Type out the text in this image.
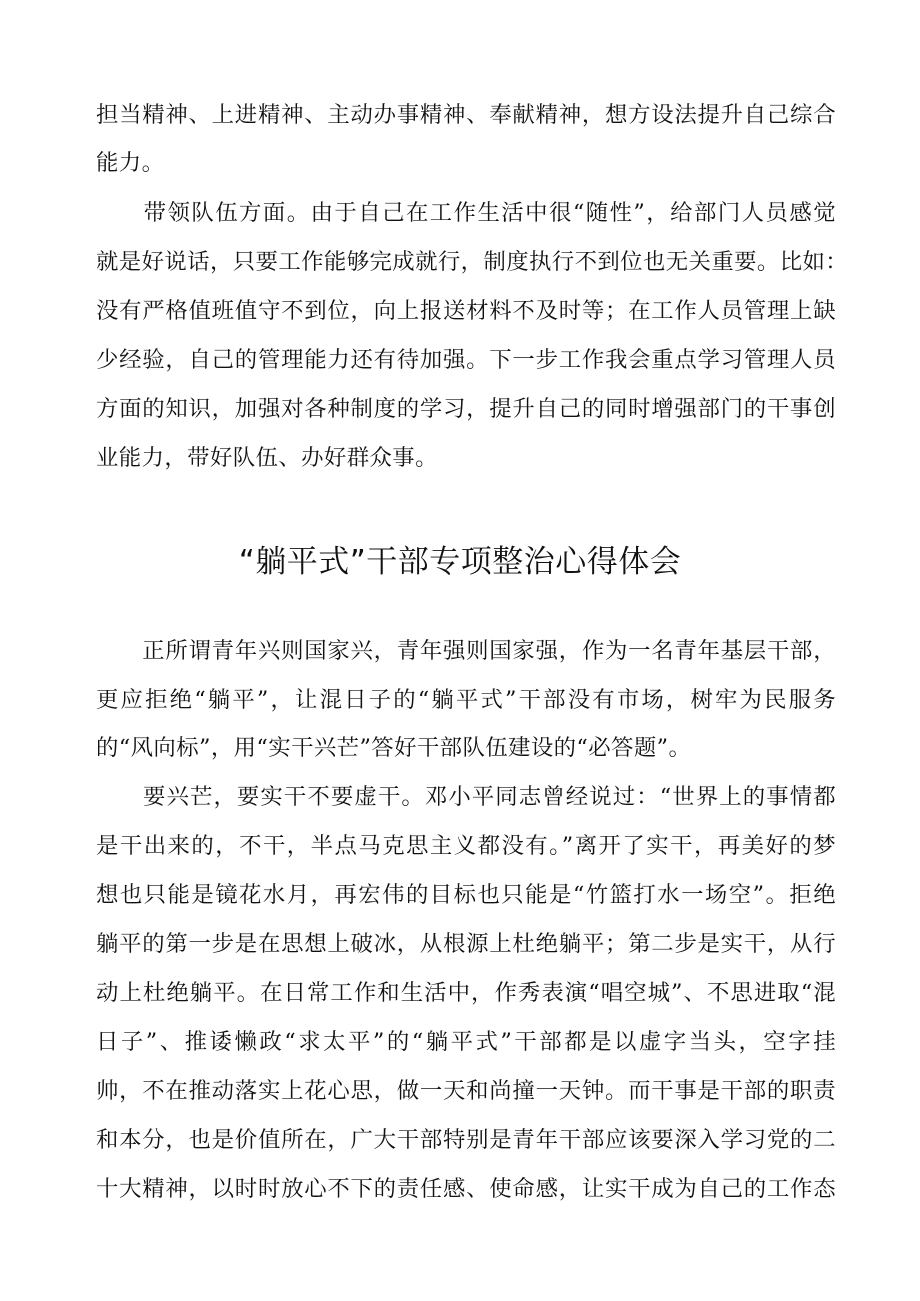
担当精神、上进精神、主动办事精神、奉献精神，想方设法提升自己综合
能力。
　　带领队伍方面。由于自己在工作生活中很“随性”，给部门人员感觉
就是好说话，只要工作能够完成就行，制度执行不到位也无关重要。比如：
没有严格值班值守不到位，向上报送材料不及时等；在工作人员管理上缺
少经验，自己的管理能力还有待加强。下一步工作我会重点学习管理人员
方面的知识，加强对各种制度的学习，提升自己的同时增强部门的干事创
业能力，带好队伍、办好群众事。
“躺平式”干部专项整治心得体会
　　正所谓青年兴则国家兴，青年强则国家强，作为一名青年基层干部，
更应拒绝“躺平”，让混日子的“躺平式”干部没有市场，树牢为民服务
的“风向标”，用“实干兴芒”答好干部队伍建设的“必答题”。
　　要兴芒，要实干不要虚干。邓小平同志曾经说过：“世界上的事情都
是干出来的，不干，半点马克思主义都没有。”离开了实干，再美好的梦
想也只能是镜花水月，再宏伟的目标也只能是“竹篮打水一场空”。拒绝
躺平的第一步是在思想上破冰，从根源上杜绝躺平；第二步是实干，从行
动上杜绝躺平。在日常工作和生活中，作秀表演“唱空城”、不思进取“混
日子”、推诿懒政“求太平”的“躺平式”干部都是以虚字当头，空字挂
帅，不在推动落实上花心思，做一天和尚撞一天钟。而干事是干部的职责
和本分，也是价值所在，广大干部特别是青年干部应该要深入学习党的二
十大精神，以时时放心不下的责任感、使命感，让实干成为自己的工作态
